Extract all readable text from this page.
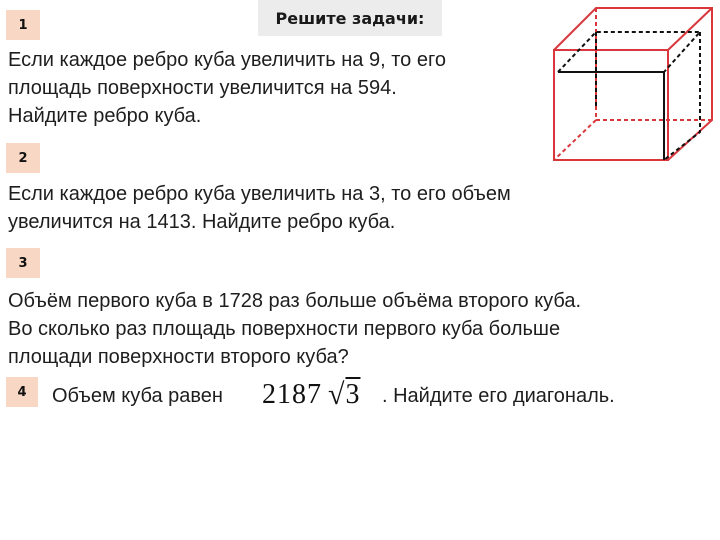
1	Решите задачи:
Если каждое ребро куба увеличить на 9, то его
площадь поверхности увеличится на 594.
Найдите ребро куба.
2
Если каждое ребро куба увеличить на 3, то его объем
увеличится на 1413. Найдите ребро куба.
3
Объём первого куба в 1728 раз больше объёма второго куба.
Во сколько раз площадь поверхности первого куба больше
площади поверхности второго куба?
4	Объем куба равен 2187 √ 3 . Найдите его диагональ.
